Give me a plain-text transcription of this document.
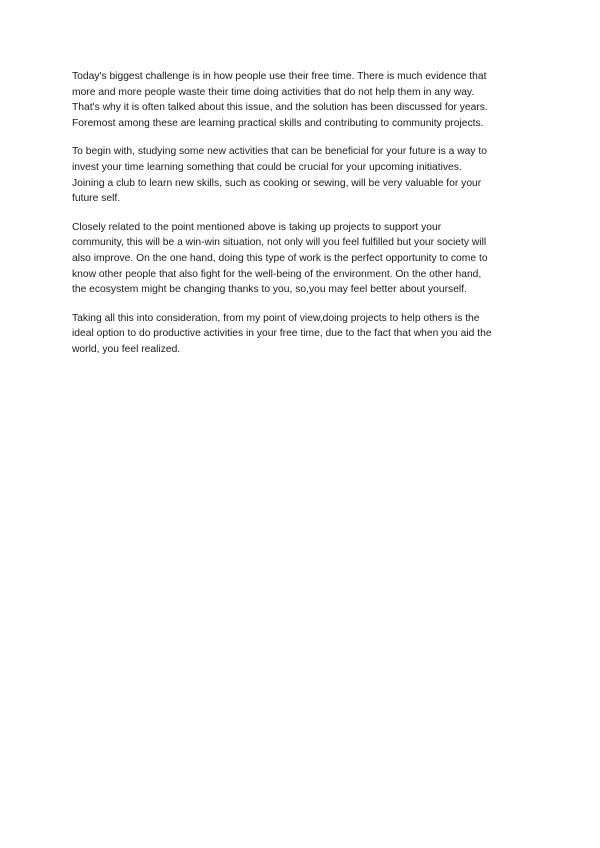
Today's biggest challenge is in how people use their free time. There is much evidence that
more and more people waste their time doing activities that do not help them in any way.
That's why it is often talked about this issue, and the solution has been discussed for years.
Foremost among these are learning practical skills and contributing to community projects.

To begin with, studying some new activities that can be beneficial for your future is a way to
invest your time learning something that could be crucial for your upcoming initiatives.
Joining a club to learn new skills, such as cooking or sewing, will be very valuable for your
future self.

Closely related to the point mentioned above is taking up projects to support your
community, this will be a win-win situation, not only will you feel fulfilled but your society will
also improve. On the one hand, doing this type of work is the perfect opportunity to come to
know other people that also fight for the well-being of the environment. On the other hand,
the ecosystem might be changing thanks to you, so,you may feel better about yourself.

Taking all this into consideration, from my point of view,doing projects to help others is the
ideal option to do productive activities in your free time, due to the fact that when you aid the
world, you feel realized.
